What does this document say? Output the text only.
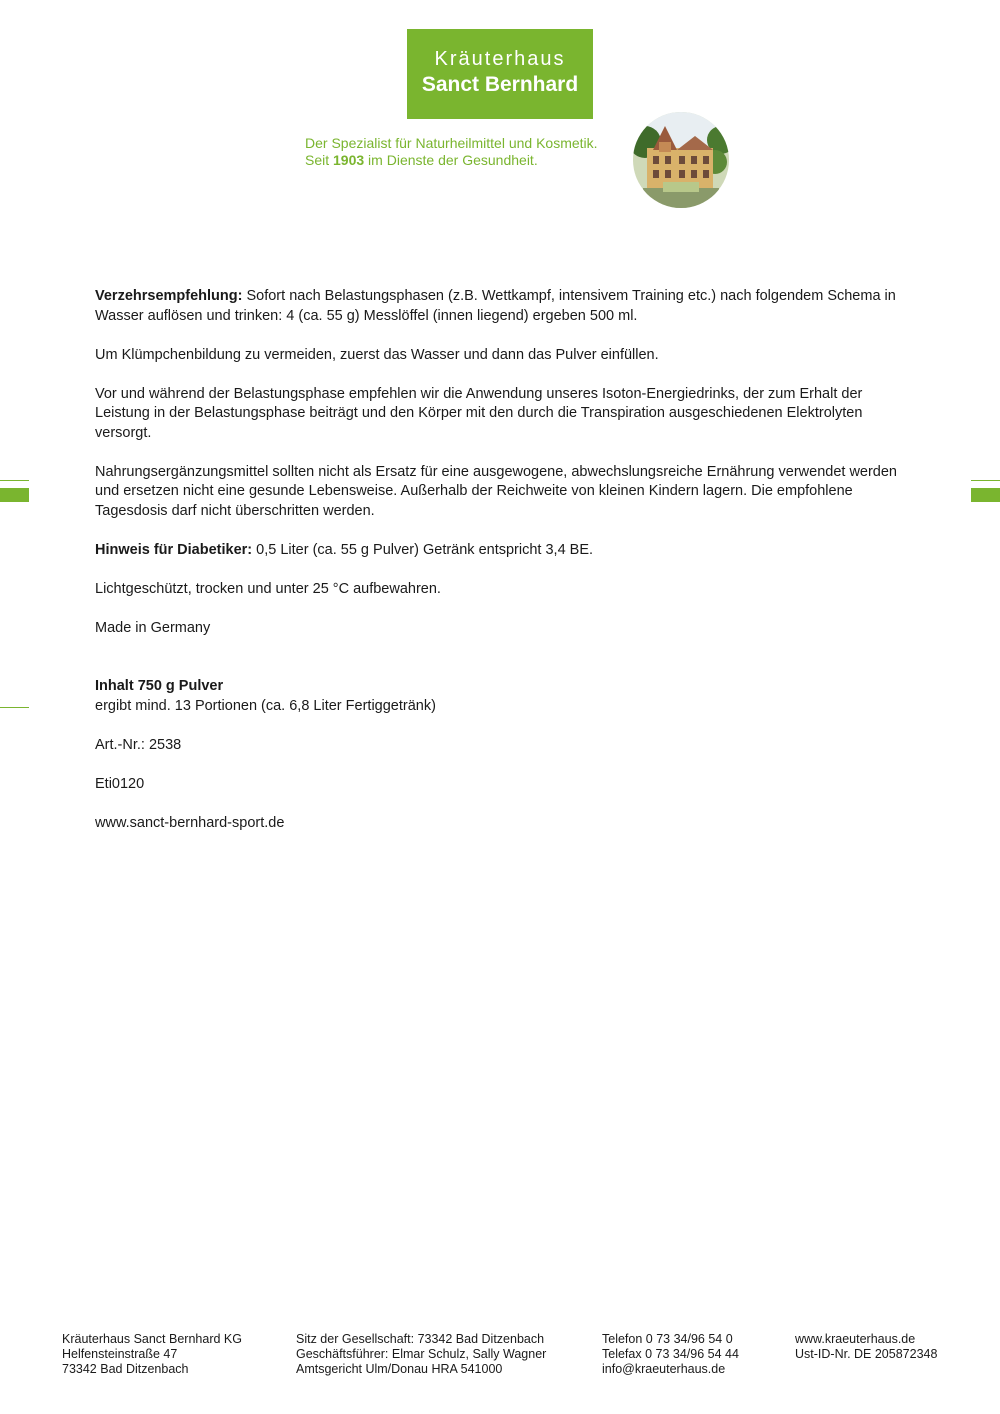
Kräuterhaus
Sanct Bernhard
Der Spezialist für Naturheilmittel und Kosmetik.
Seit 1903 im Dienste der Gesundheit.

Verzehrsempfehlung: Sofort nach Belastungsphasen (z.B. Wettkampf, intensivem Training etc.) nach folgendem Schema in Wasser auflösen und trinken: 4 (ca. 55 g) Messlöffel (innen liegend) ergeben 500 ml.

Um Klümpchenbildung zu vermeiden, zuerst das Wasser und dann das Pulver einfüllen.

Vor und während der Belastungsphase empfehlen wir die Anwendung unseres Isoton-Energiedrinks, der zum Erhalt der Leistung in der Belastungsphase beiträgt und den Körper mit den durch die Transpiration ausgeschiedenen Elektrolyten versorgt.

Nahrungsergänzungsmittel sollten nicht als Ersatz für eine ausgewogene, abwechslungsreiche Ernährung verwendet werden und ersetzen nicht eine gesunde Lebensweise. Außerhalb der Reichweite von kleinen Kindern lagern. Die empfohlene Tagesdosis darf nicht überschritten werden.

Hinweis für Diabetiker: 0,5 Liter (ca. 55 g Pulver) Getränk entspricht 3,4 BE.

Lichtgeschützt, trocken und unter 25 °C aufbewahren.

Made in Germany

Inhalt 750 g Pulver

ergibt mind. 13 Portionen (ca. 6,8 Liter Fertiggetränk)

Art.-Nr.: 2538

Eti0120

www.sanct-bernhard-sport.de

Kräuterhaus Sanct Bernhard KG
Helfensteinstraße 47
73342 Bad Ditzenbach
Sitz der Gesellschaft: 73342 Bad Ditzenbach
Geschäftsführer: Elmar Schulz, Sally Wagner
Amtsgericht Ulm/Donau HRA 541000
Telefon 0 73 34/96 54 0
Telefax 0 73 34/96 54 44
info@kraeuterhaus.de
www.kraeuterhaus.de
Ust-ID-Nr. DE 205872348
